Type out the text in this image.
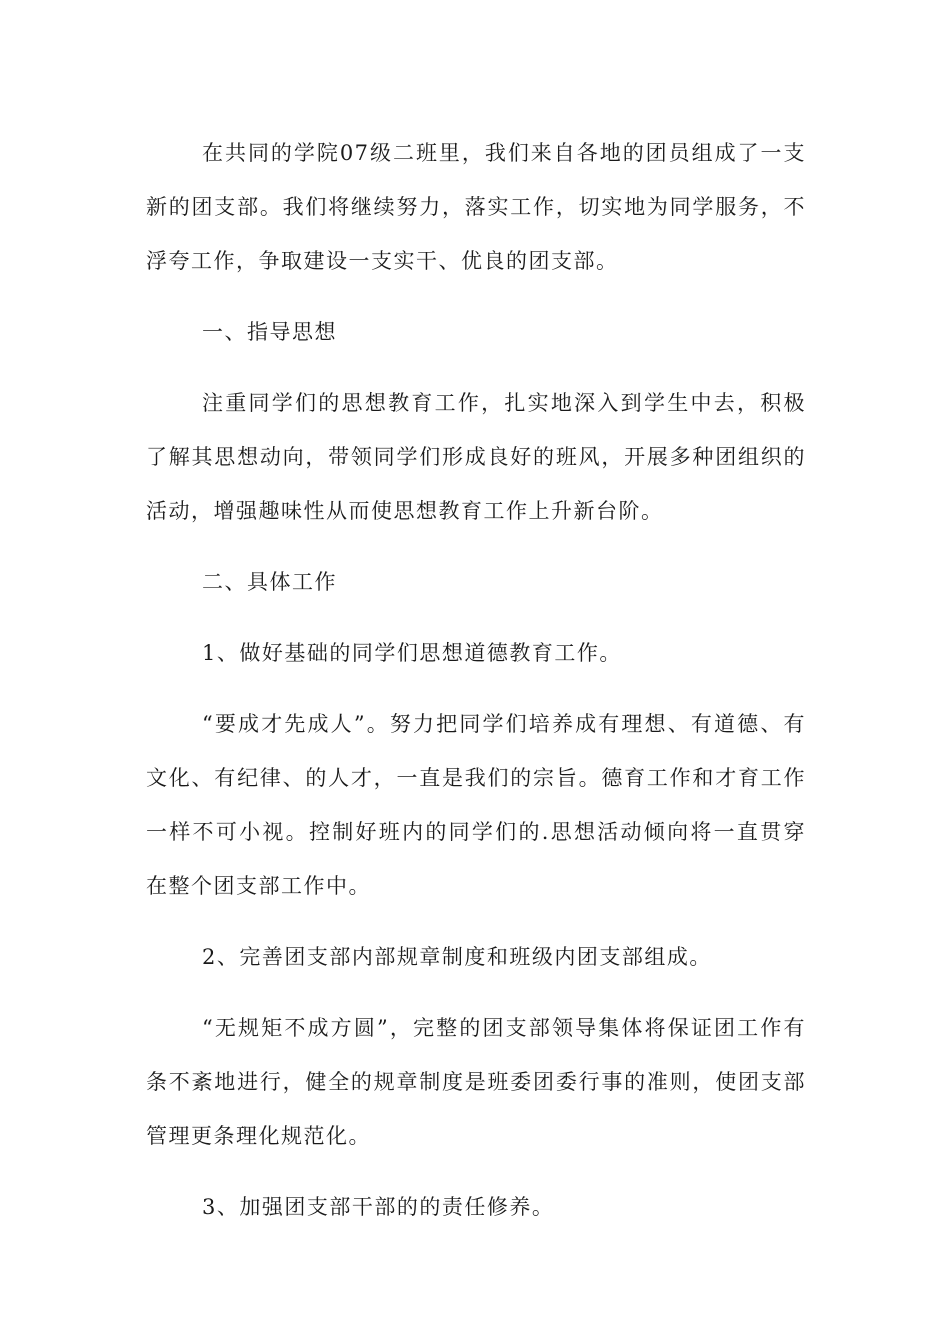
在共同的学院07级二班里，我们来自各地的团员组成了一支新的团支部。我们将继续努力，落实工作，切实地为同学服务，不浮夸工作，争取建设一支实干、优良的团支部。

一、指导思想

注重同学们的思想教育工作，扎实地深入到学生中去，积极了解其思想动向，带领同学们形成良好的班风，开展多种团组织的活动，增强趣味性从而使思想教育工作上升新台阶。

二、具体工作

1、做好基础的同学们思想道德教育工作。

“要成才先成人”。努力把同学们培养成有理想、有道德、有文化、有纪律、的人才，一直是我们的宗旨。德育工作和才育工作一样不可小视。控制好班内的同学们的.思想活动倾向将一直贯穿在整个团支部工作中。

2、完善团支部内部规章制度和班级内团支部组成。

“无规矩不成方圆”，完整的团支部领导集体将保证团工作有条不紊地进行，健全的规章制度是班委团委行事的准则，使团支部管理更条理化规范化。

3、加强团支部干部的的责任修养。
